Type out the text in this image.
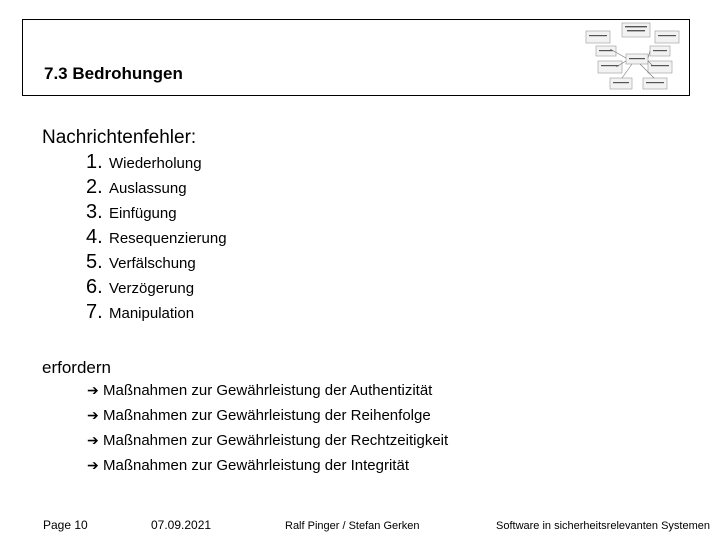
7.3 Bedrohungen
Nachrichtenfehler:
1. Wiederholung
2. Auslassung
3. Einfügung
4. Resequenzierung
5. Verfälschung
6. Verzögerung
7. Manipulation
erfordern
➔ Maßnahmen zur Gewährleistung der Authentizität
➔ Maßnahmen zur Gewährleistung der Reihenfolge
➔ Maßnahmen zur Gewährleistung der Rechtzeitigkeit
➔ Maßnahmen zur Gewährleistung der Integrität
Page 10	07.09.2021	Ralf Pinger / Stefan Gerken	Software in sicherheitsrelevanten Systemen
